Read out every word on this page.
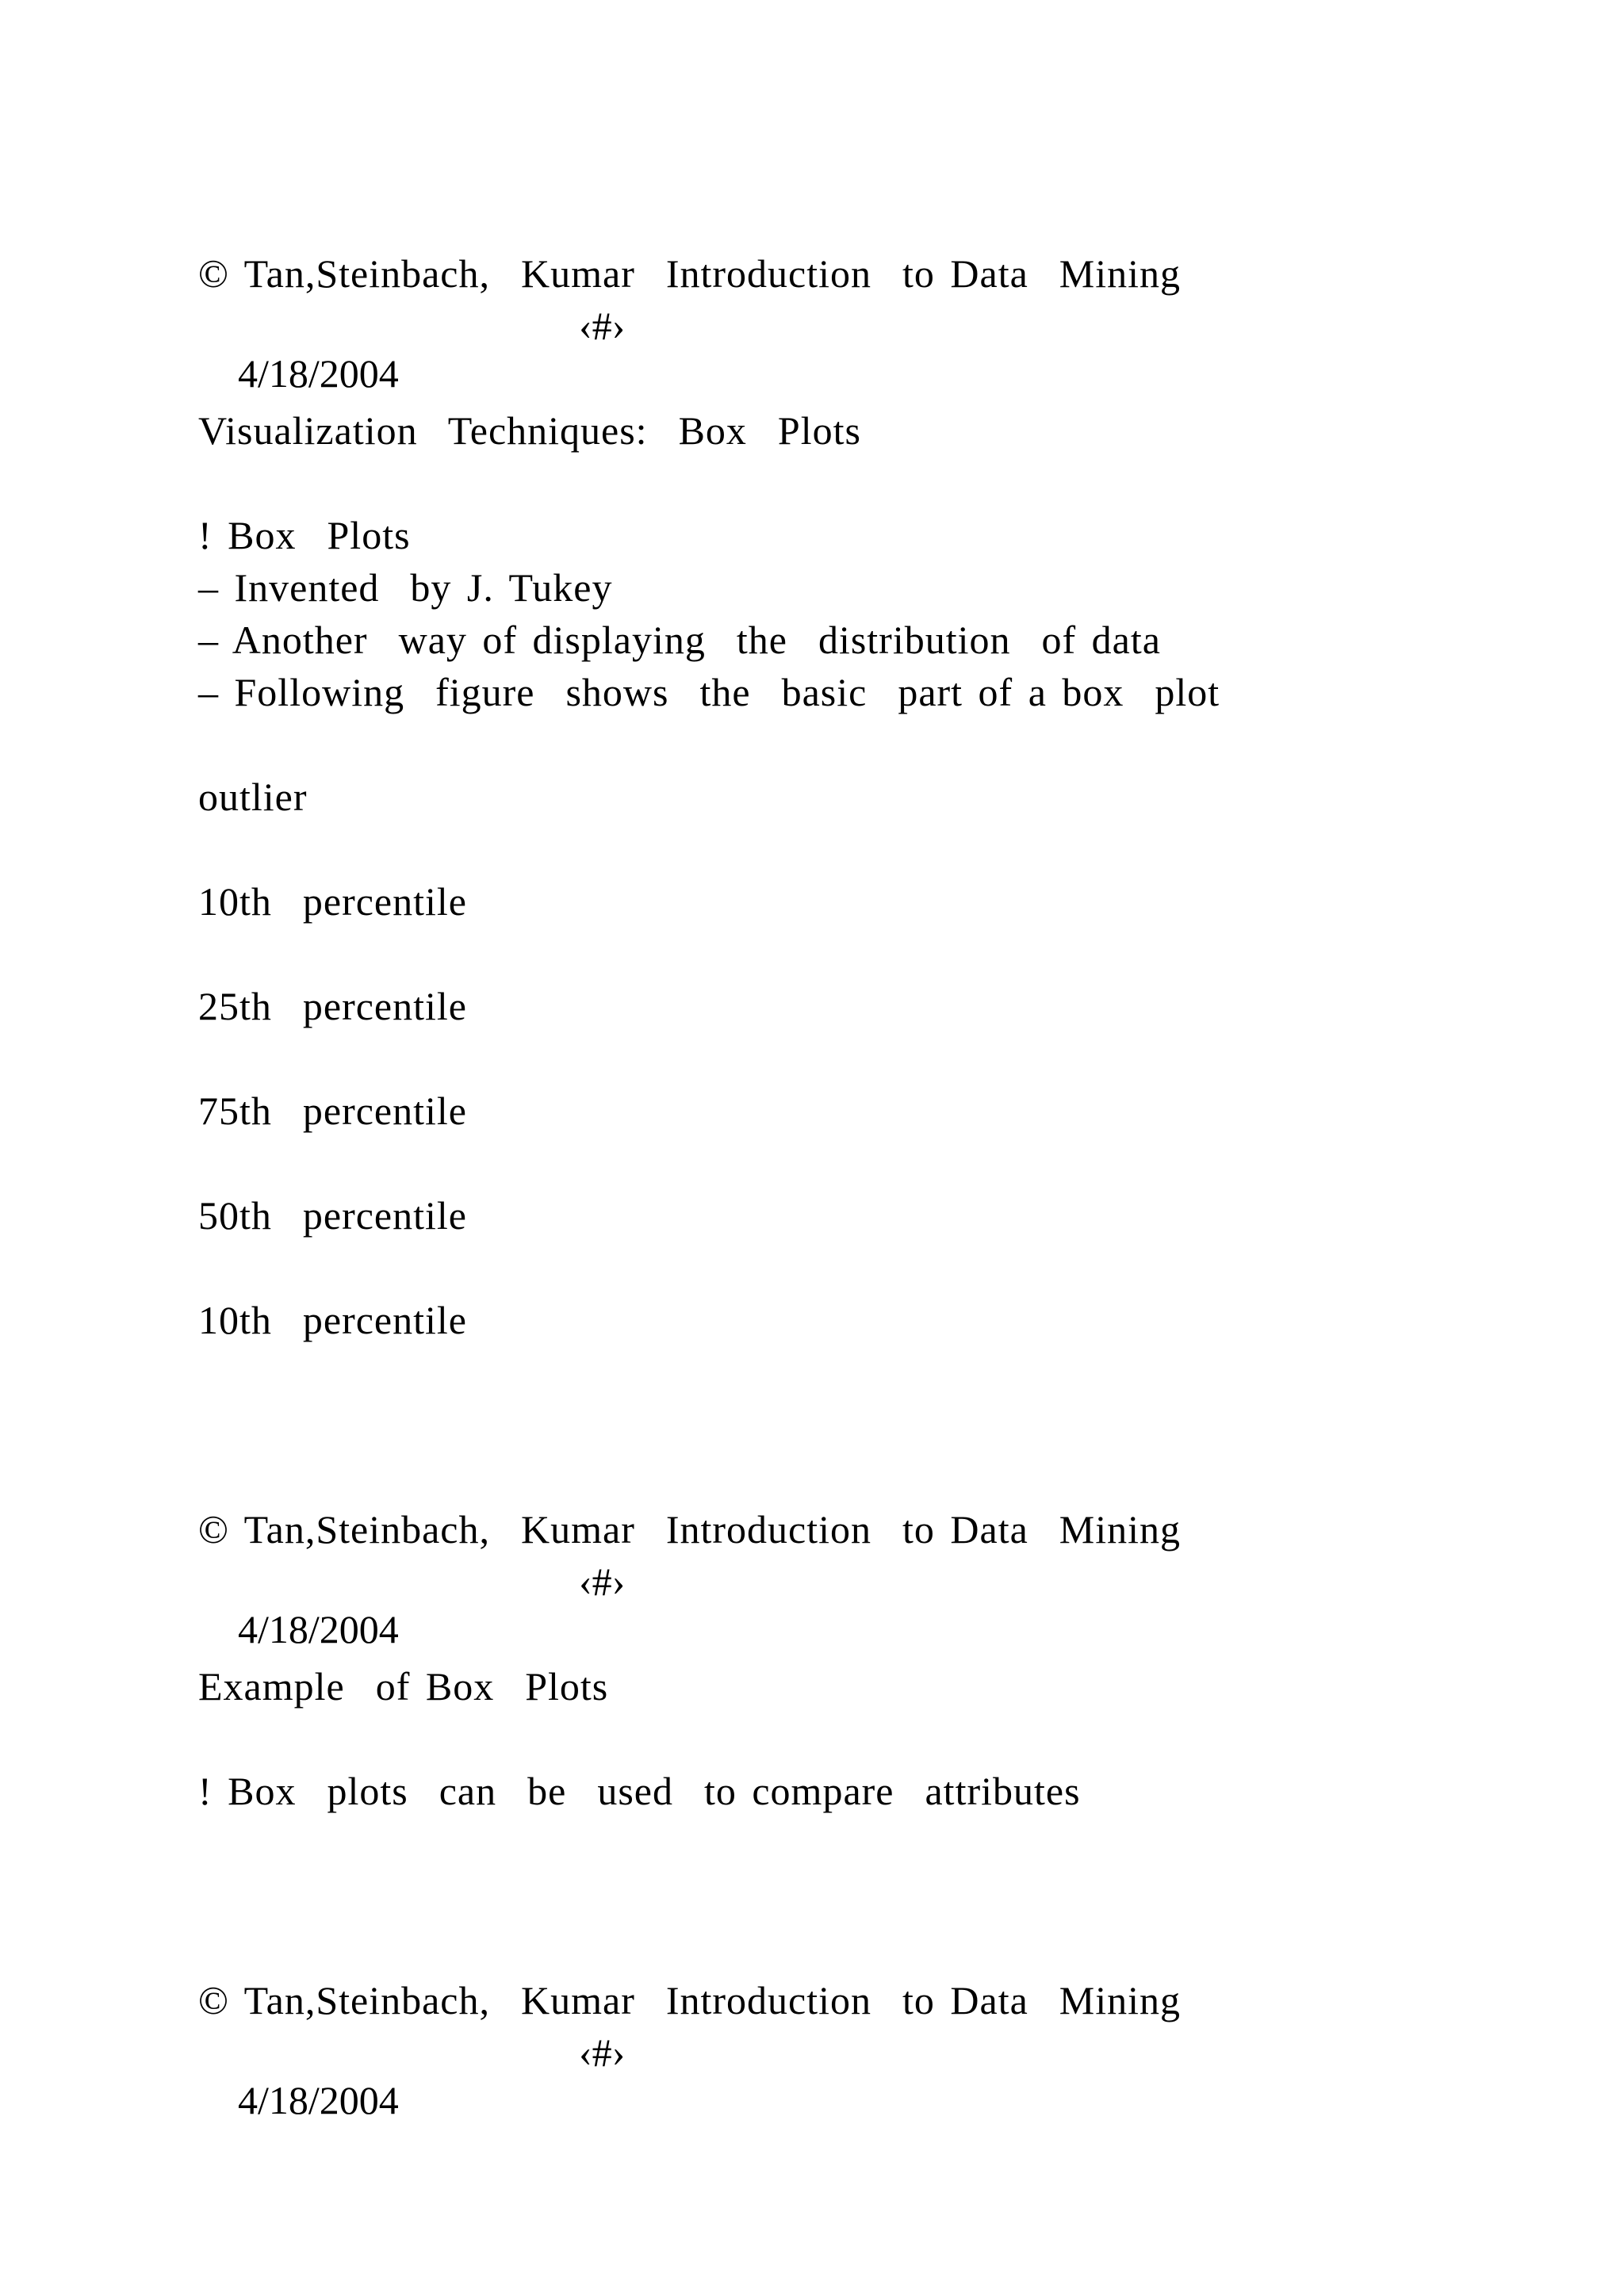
© Tan,Steinbach,  Kumar  Introduction  to Data  Mining

4/18/2004

‹#›

Visualization  Techniques:  Box  Plots

! Box  Plots

– Invented  by J. Tukey

– Another  way of displaying  the  distribution  of data

– Following  figure  shows  the  basic  part of a box  plot

outlier

10th  percentile

25th  percentile

75th  percentile

50th  percentile

10th  percentile

© Tan,Steinbach,  Kumar  Introduction  to Data  Mining

4/18/2004

‹#›

Example  of Box  Plots

! Box  plots  can  be  used  to compare  attributes

© Tan,Steinbach,  Kumar  Introduction  to Data  Mining

4/18/2004

‹#›
